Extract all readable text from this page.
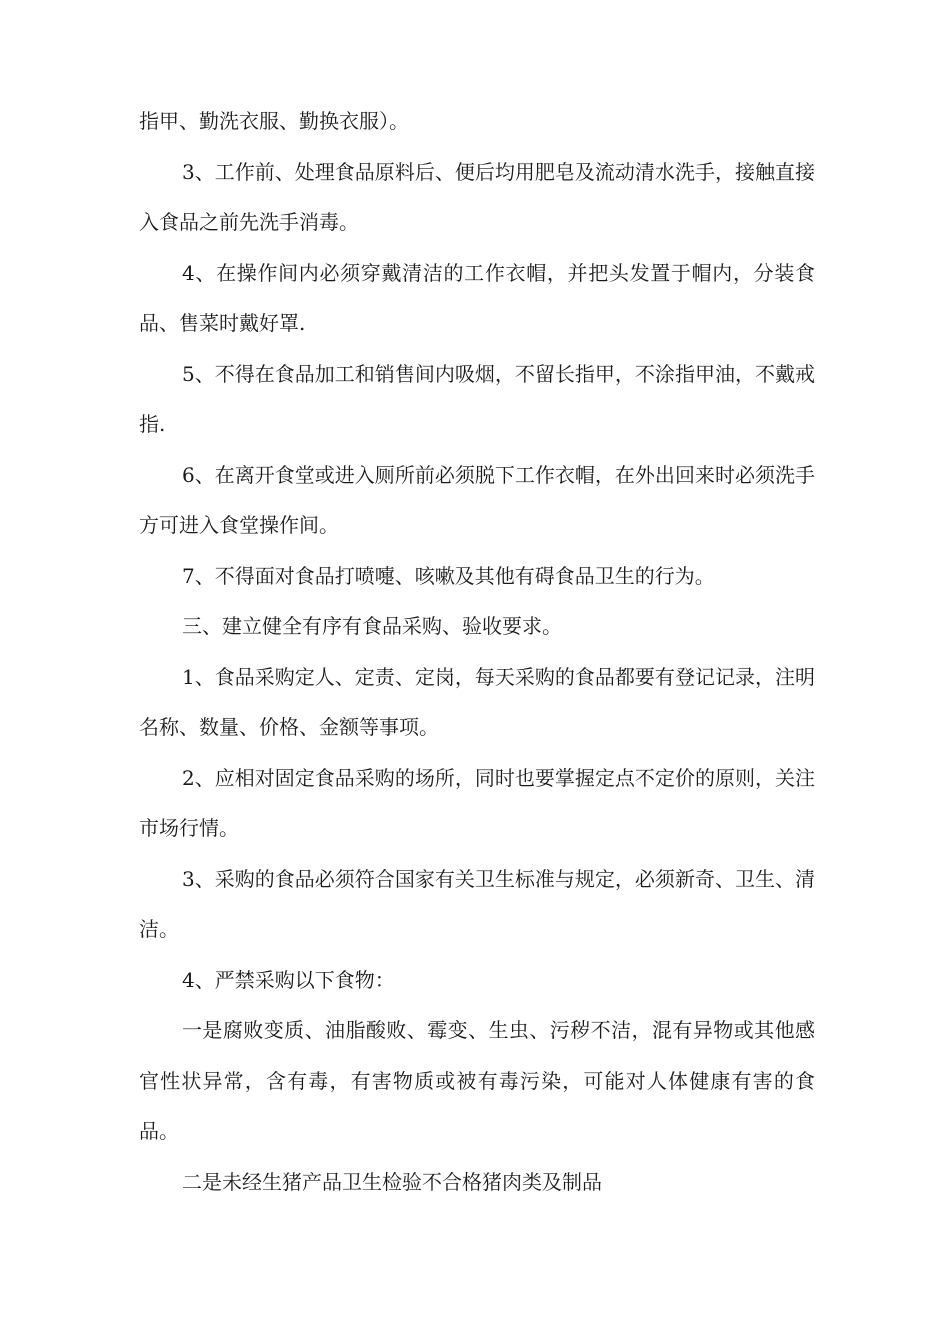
指甲、勤洗衣服、勤换衣服）。

3、工作前、处理食品原料后、便后均用肥皂及流动清水洗手，接触直接入食品之前先洗手消毒。

4、在操作间内必须穿戴清洁的工作衣帽，并把头发置于帽内，分装食品、售菜时戴好罩.

5、不得在食品加工和销售间内吸烟，不留长指甲，不涂指甲油，不戴戒指.

6、在离开食堂或进入厕所前必须脱下工作衣帽，在外出回来时必须洗手方可进入食堂操作间。

7、不得面对食品打喷嚏、咳嗽及其他有碍食品卫生的行为。

三、建立健全有序有食品采购、验收要求。

1、食品采购定人、定责、定岗，每天采购的食品都要有登记记录，注明名称、数量、价格、金额等事项。

2、应相对固定食品采购的场所，同时也要掌握定点不定价的原则，关注市场行情。

3、采购的食品必须符合国家有关卫生标准与规定，必须新奇、卫生、清洁。

4、严禁采购以下食物：

一是腐败变质、油脂酸败、霉变、生虫、污秽不洁，混有异物或其他感官性状异常，含有毒，有害物质或被有毒污染，可能对人体健康有害的食品。

二是未经生猪产品卫生检验不合格猪肉类及制品
